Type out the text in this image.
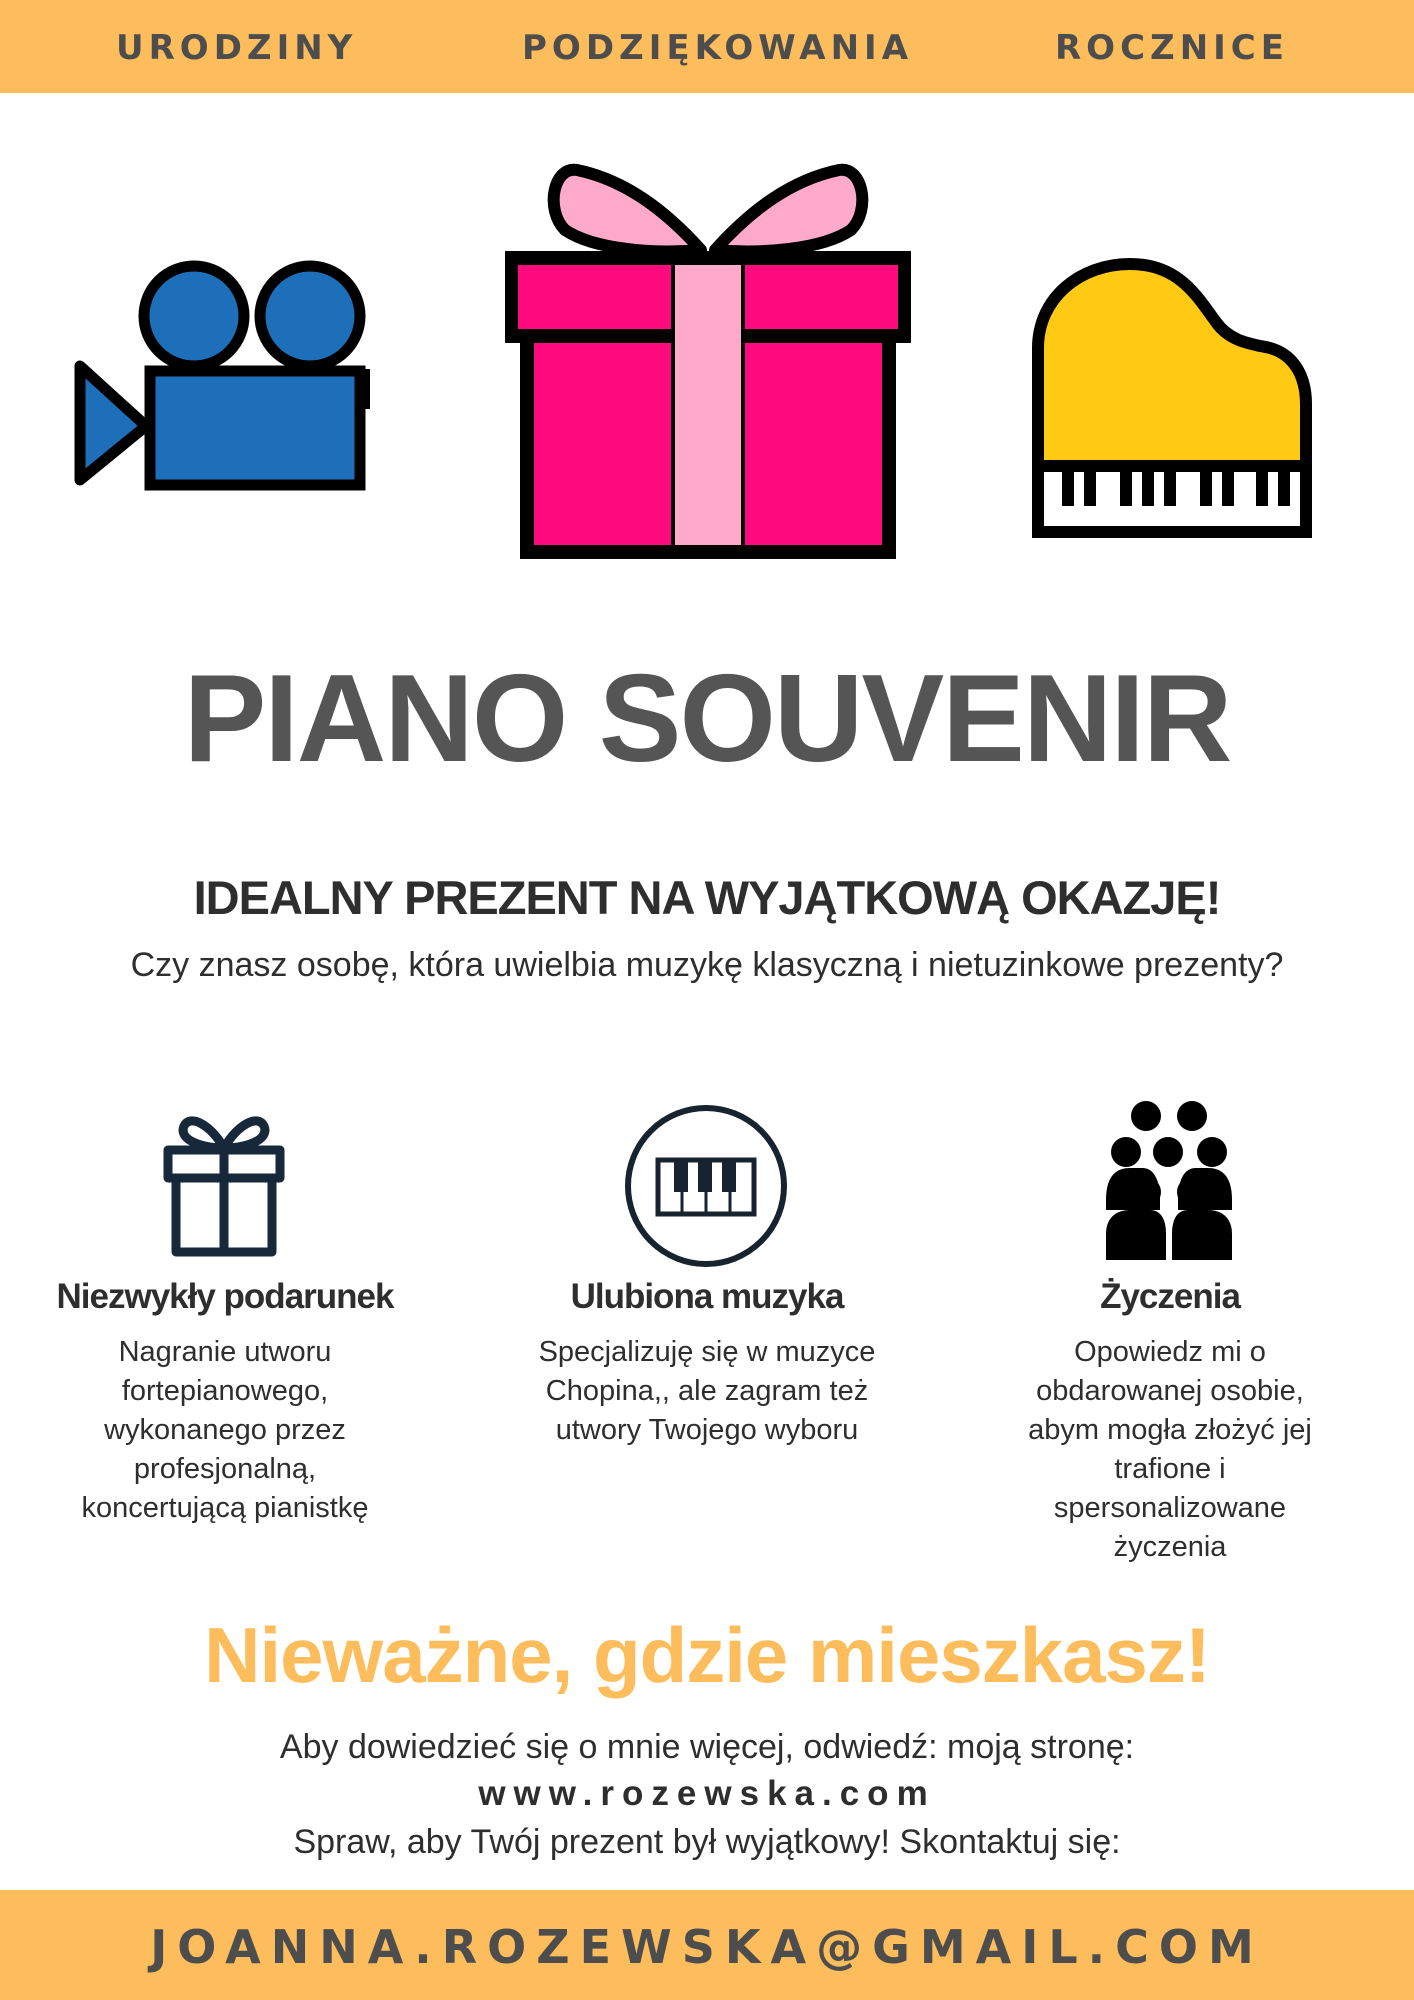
URODZINY	PODZIĘKOWANIA	ROCZNICE
PIANO SOUVENIR
IDEALNY PREZENT NA WYJĄTKOWĄ OKAZJĘ!
Czy znasz osobę, która uwielbia muzykę klasyczną i nietuzinkowe prezenty?
Niezwykły podarunek
Nagranie utworu
fortepianowego,
wykonanego przez
profesjonalną,
koncertującą pianistkę
Ulubiona muzyka
Specjalizuję się w muzyce
Chopina,, ale zagram też
utwory Twojego wyboru
Życzenia
Opowiedz mi o
obdarowanej osobie,
abym mogła złożyć jej
trafione i
spersonalizowane
życzenia
Nieważne, gdzie mieszkasz!
Aby dowiedzieć się o mnie więcej, odwiedź: moją stronę:
www.rozewska.com
Spraw, aby Twój prezent był wyjątkowy! Skontaktuj się:
JOANNA.ROZEWSKA@GMAIL.COM
